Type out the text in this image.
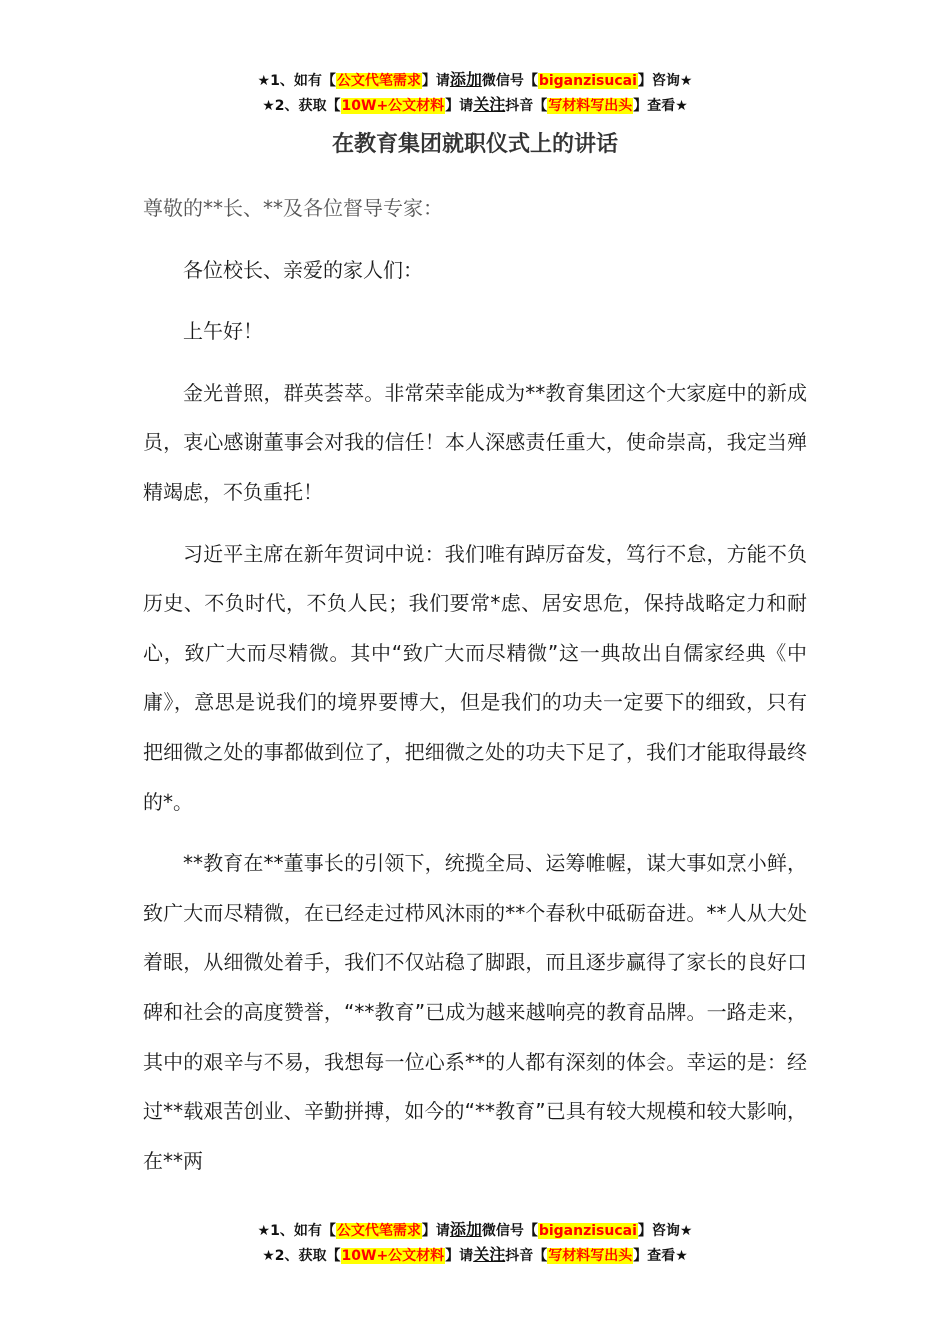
★1、如有【公文代笔需求】请添加微信号【biganzisucai】咨询★
★2、获取【10W+公文材料】请关注抖音【写材料写出头】查看★
在教育集团就职仪式上的讲话

尊敬的**长、**及各位督导专家：

各位校长、亲爱的家人们：

上午好！

金光普照，群英荟萃。非常荣幸能成为**教育集团这个大家庭中的新成员，衷心感谢董事会对我的信任！本人深感责任重大，使命崇高，我定当殚精竭虑，不负重托！

习近平主席在新年贺词中说：我们唯有踔厉奋发，笃行不怠，方能不负历史、不负时代，不负人民；我们要常*虑、居安思危，保持战略定力和耐心，致广大而尽精微。其中“致广大而尽精微”这一典故出自儒家经典《中庸》，意思是说我们的境界要博大，但是我们的功夫一定要下的细致，只有把细微之处的事都做到位了，把细微之处的功夫下足了，我们才能取得最终的*。

**教育在**董事长的引领下，统揽全局、运筹帷幄，谋大事如烹小鲜，致广大而尽精微，在已经走过栉风沐雨的**个春秋中砥砺奋进。**人从大处着眼，从细微处着手，我们不仅站稳了脚跟，而且逐步赢得了家长的良好口碑和社会的高度赞誉，“**教育”已成为越来越响亮的教育品牌。一路走来，其中的艰辛与不易，我想每一位心系**的人都有深刻的体会。幸运的是：经过**载艰苦创业、辛勤拼搏，如今的“**教育”已具有较大规模和较大影响，在**两

★1、如有【公文代笔需求】请添加微信号【biganzisucai】咨询★
★2、获取【10W+公文材料】请关注抖音【写材料写出头】查看★
